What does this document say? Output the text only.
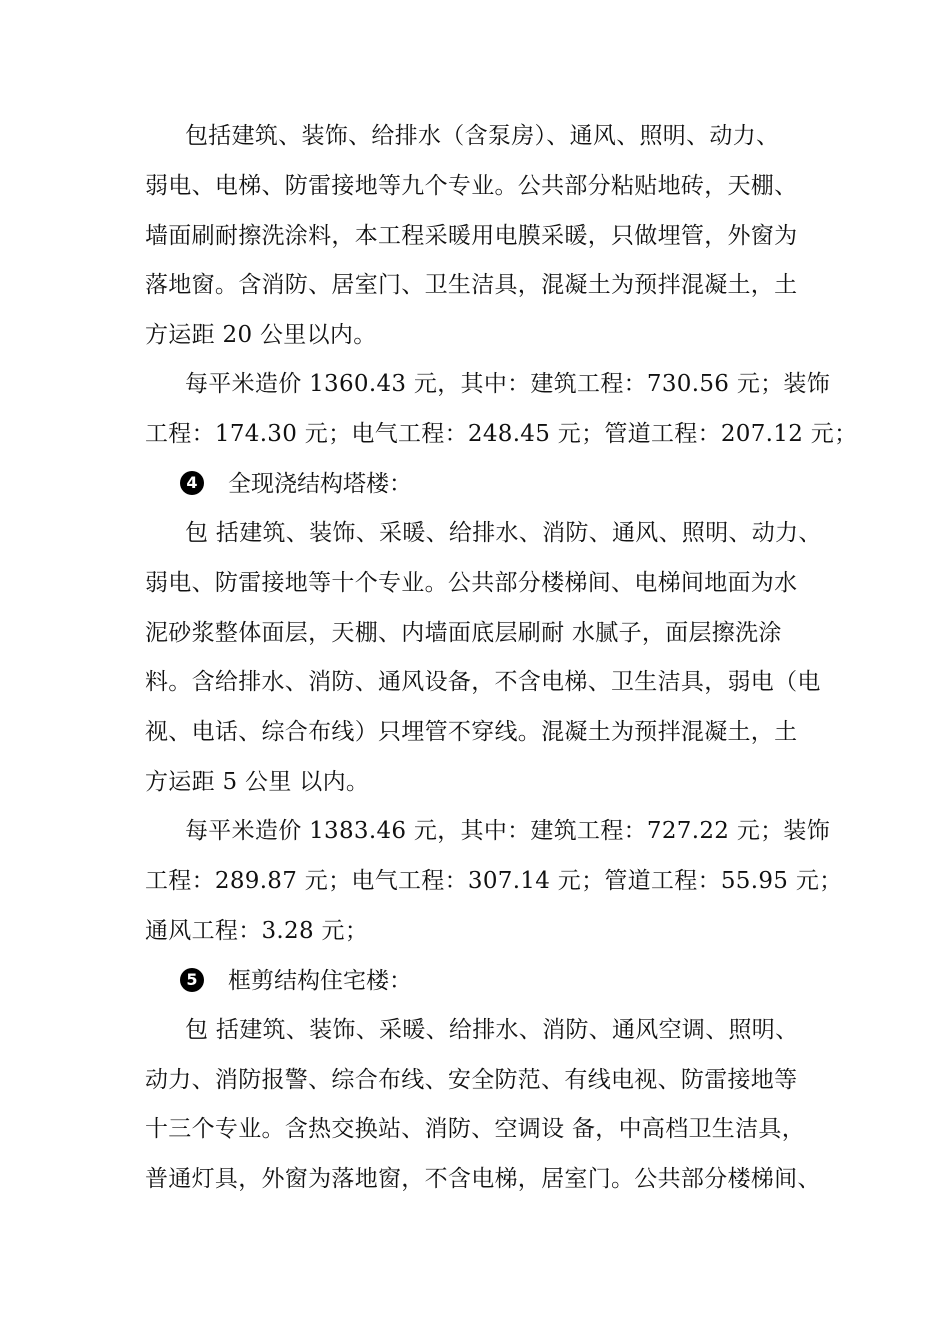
包括建筑、装饰、给排水（含泵房）、通风、照明、动力、
弱电、电梯、防雷接地等九个专业。公共部分粘贴地砖，天棚、
墙面刷耐擦洗涂料，本工程采暖用电膜采暖，只做埋管，外窗为
落地窗。含消防、居室门、卫生洁具，混凝土为预拌混凝土，土
方运距 20 公里以内。
每平米造价 1360.43 元，其中：建筑工程：730.56 元；装饰
工程：174.30 元；电气工程：248.45 元；管道工程：207.12 元；
4 全现浇结构塔楼：
包 括建筑、装饰、采暖、给排水、消防、通风、照明、动力、
弱电、防雷接地等十个专业。公共部分楼梯间、电梯间地面为水
泥砂浆整体面层，天棚、内墙面底层刷耐 水腻子，面层擦洗涂
料。含给排水、消防、通风设备，不含电梯、卫生洁具，弱电（电
视、电话、综合布线）只埋管不穿线。混凝土为预拌混凝土，土
方运距 5 公里 以内。
每平米造价 1383.46 元，其中：建筑工程：727.22 元；装饰
工程：289.87 元；电气工程：307.14 元；管道工程：55.95 元；
通风工程：3.28 元；
5 框剪结构住宅楼：
包 括建筑、装饰、采暖、给排水、消防、通风空调、照明、
动力、消防报警、综合布线、安全防范、有线电视、防雷接地等
十三个专业。含热交换站、消防、空调设 备，中高档卫生洁具，
普通灯具，外窗为落地窗，不含电梯，居室门。公共部分楼梯间、
